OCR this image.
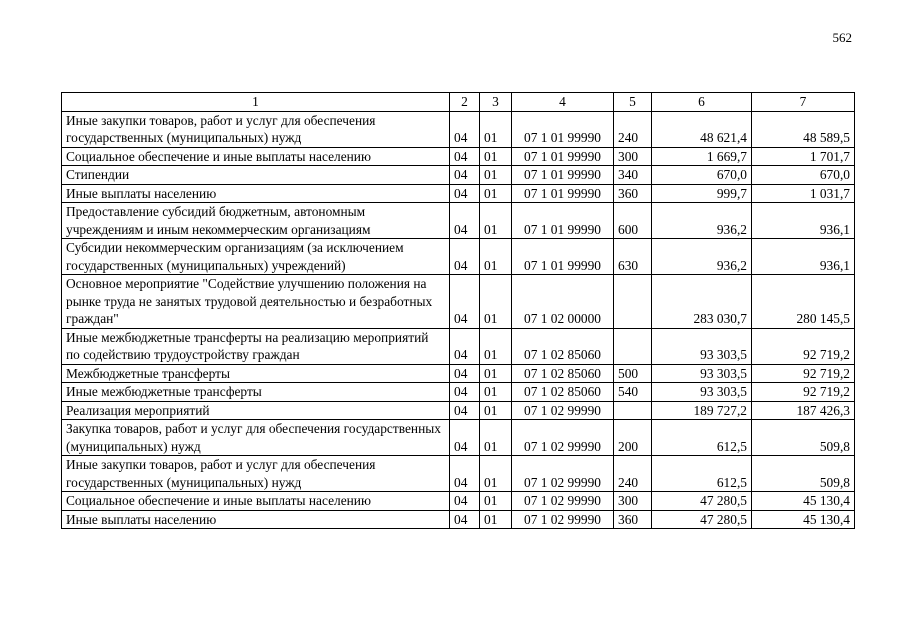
562
1	2	3	4	5	6	7
Иные закупки товаров, работ и услуг для обеспечения государственных (муниципальных) нужд	04	01	07 1 01 99990	240	48 621,4	48 589,5
Социальное обеспечение и иные выплаты населению	04	01	07 1 01 99990	300	1 669,7	1 701,7
Стипендии	04	01	07 1 01 99990	340	670,0	670,0
Иные выплаты населению	04	01	07 1 01 99990	360	999,7	1 031,7
Предоставление субсидий бюджетным, автономным учреждениям и иным некоммерческим организациям	04	01	07 1 01 99990	600	936,2	936,1
Субсидии некоммерческим организациям (за исключением государственных (муниципальных) учреждений)	04	01	07 1 01 99990	630	936,2	936,1
Основное мероприятие "Содействие улучшению положения на рынке труда не занятых трудовой деятельностью и безработных граждан"	04	01	07 1 02 00000		283 030,7	280 145,5
Иные межбюджетные трансферты на реализацию мероприятий по содействию трудоустройству граждан	04	01	07 1 02 85060		93 303,5	92 719,2
Межбюджетные трансферты	04	01	07 1 02 85060	500	93 303,5	92 719,2
Иные межбюджетные трансферты	04	01	07 1 02 85060	540	93 303,5	92 719,2
Реализация мероприятий	04	01	07 1 02 99990		189 727,2	187 426,3
Закупка товаров, работ и услуг для обеспечения государственных (муниципальных) нужд	04	01	07 1 02 99990	200	612,5	509,8
Иные закупки товаров, работ и услуг для обеспечения государственных (муниципальных) нужд	04	01	07 1 02 99990	240	612,5	509,8
Социальное обеспечение и иные выплаты населению	04	01	07 1 02 99990	300	47 280,5	45 130,4
Иные выплаты населению	04	01	07 1 02 99990	360	47 280,5	45 130,4
